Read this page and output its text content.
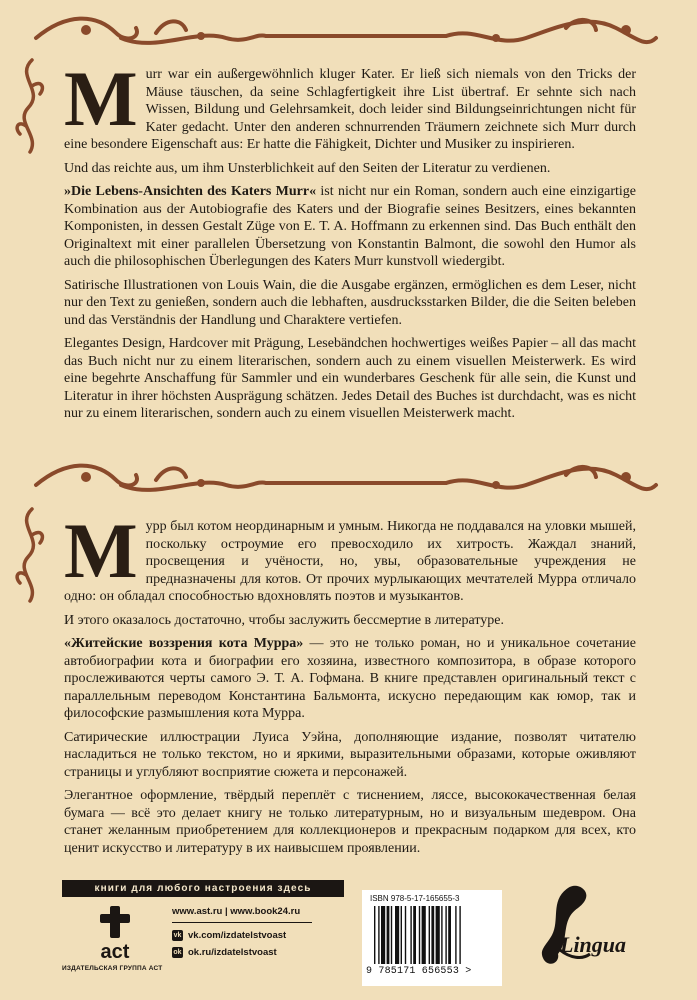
Murr war ein außergewöhnlich kluger Kater. Er ließ sich niemals von den Tricks der Mäuse täuschen, da seine Schlagfertigkeit ihre List übertraf. Er sehnte sich nach Wissen, Bildung und Gelehrsamkeit, doch leider sind Bildungseinrichtungen nicht für Kater gedacht. Unter den anderen schnurrenden Träumern zeichnete sich Murr durch eine besondere Eigenschaft aus: Er hatte die Fähigkeit, Dichter und Musiker zu inspirieren.

Und das reichte aus, um ihm Unsterblichkeit auf den Seiten der Literatur zu verdienen.

»Die Lebens-Ansichten des Katers Murr« ist nicht nur ein Roman, sondern auch eine einzigartige Kombination aus der Autobiografie des Katers und der Biografie seines Besitzers, eines bekannten Komponisten, in dessen Gestalt Züge von E. T. A. Hoffmann zu erkennen sind. Das Buch enthält den Originaltext mit einer parallelen Übersetzung von Konstantin Balmont, die sowohl den Humor als auch die philosophischen Überlegungen des Katers Murr kunstvoll wiedergibt.

Satirische Illustrationen von Louis Wain, die die Ausgabe ergänzen, ermöglichen es dem Leser, nicht nur den Text zu genießen, sondern auch die lebhaften, ausdrucksstarken Bilder, die die Seiten beleben und das Verständnis der Handlung und Charaktere vertiefen.

Elegantes Design, Hardcover mit Prägung, Lesebändchen hochwertiges weißes Papier – all das macht das Buch nicht nur zu einem literarischen, sondern auch zu einem visuellen Meisterwerk. Es wird eine begehrte Anschaffung für Sammler und ein wunderbares Geschenk für alle sein, die Kunst und Literatur in ihrer höchsten Ausprägung schätzen. Jedes Detail des Buches ist durchdacht, was es nicht nur zu einem literarischen, sondern auch zu einem visuellen Meisterwerk macht.

Мурр был котом неординарным и умным. Никогда не поддавался на уловки мышей, поскольку остроумие его превосходило их хитрость. Жаждал знаний, просвещения и учёности, но, увы, образовательные учреждения не предназначены для котов. От прочих мурлыкающих мечтателей Мурра отличало одно: он обладал способностью вдохновлять поэтов и музыкантов.

И этого оказалось достаточно, чтобы заслужить бессмертие в литературе.

«Житейские воззрения кота Мурра» — это не только роман, но и уникальное сочетание автобиографии кота и биографии его хозяина, известного композитора, в образе которого прослеживаются черты самого Э. Т. А. Гофмана. В книге представлен оригинальный текст с параллельным переводом Константина Бальмонта, искусно передающим как юмор, так и философские размышления кота Мурра.

Сатирические иллюстрации Луиса Уэйна, дополняющие издание, позволят читателю насладиться не только текстом, но и яркими, выразительными образами, которые оживляют страницы и углубляют восприятие сюжета и персонажей.

Элегантное оформление, твёрдый переплёт с тиснением, ляссе, высококачественная белая бумага — всё это делает книгу не только литературным, но и визуальным шедевром. Она станет желанным приобретением для коллекционеров и прекрасным подарком для всех, кто ценит искусство и литературу в их наивысшем проявлении.

книги для любого настроения здесь
act
ИЗДАТЕЛЬСКАЯ ГРУППА АСТ
www.ast.ru | www.book24.ru
vk vk.com/izdatelstvoast
ok ok.ru/izdatelstvoast
ISBN 978-5-17-165655-3
9 785171 656553 >
Lingua
